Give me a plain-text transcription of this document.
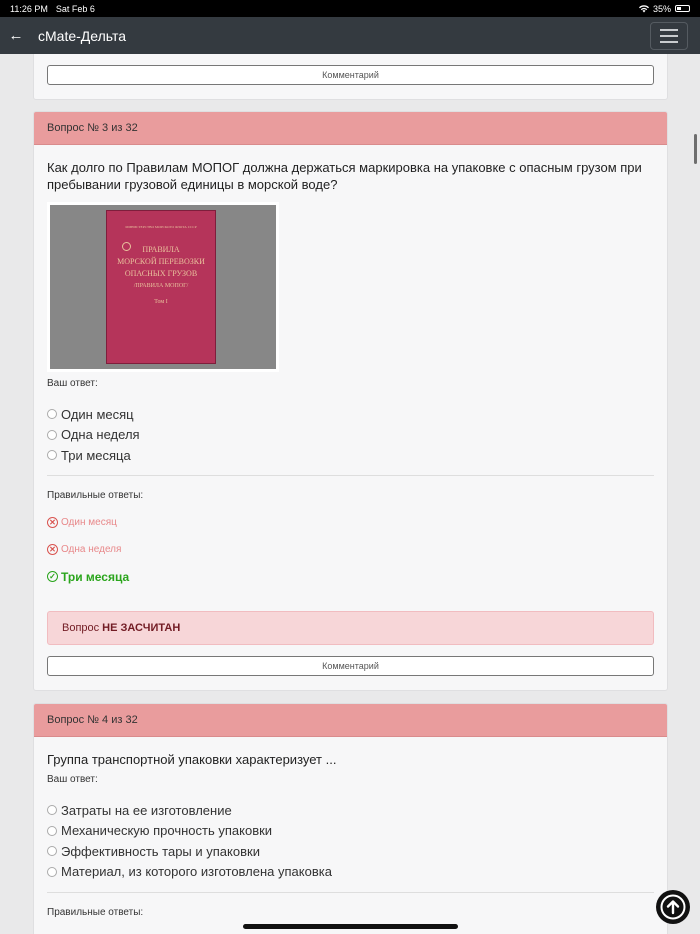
11:26 PM Sat Feb 6	35%
←	cMate-Дельта
Комментарий
Вопрос № 3 из 32
Как долго по Правилам МОПОГ должна держаться маркировка на упаковке с опасным грузом при пребывании грузовой единицы в морской воде?
МИНИСТЕРСТВО МОРСКОГО ФЛОТА СССР
ПРАВИЛА
МОРСКОЙ ПЕРЕВОЗКИ
ОПАСНЫХ ГРУЗОВ
/ПРАВИЛА МОПОГ/
Том I
Ваш ответ:
Один месяц
Одна неделя
Три месяца
Правильные ответы:
✕ Один месяц
✕ Одна неделя
✓ Три месяца
Вопрос НЕ ЗАСЧИТАН
Комментарий
Вопрос № 4 из 32
Группа транспортной упаковки характеризует ...
Ваш ответ:
Затраты на ее изготовление
Механическую прочность упаковки
Эффективность тары и упаковки
Материал, из которого изготовлена упаковка
Правильные ответы:
